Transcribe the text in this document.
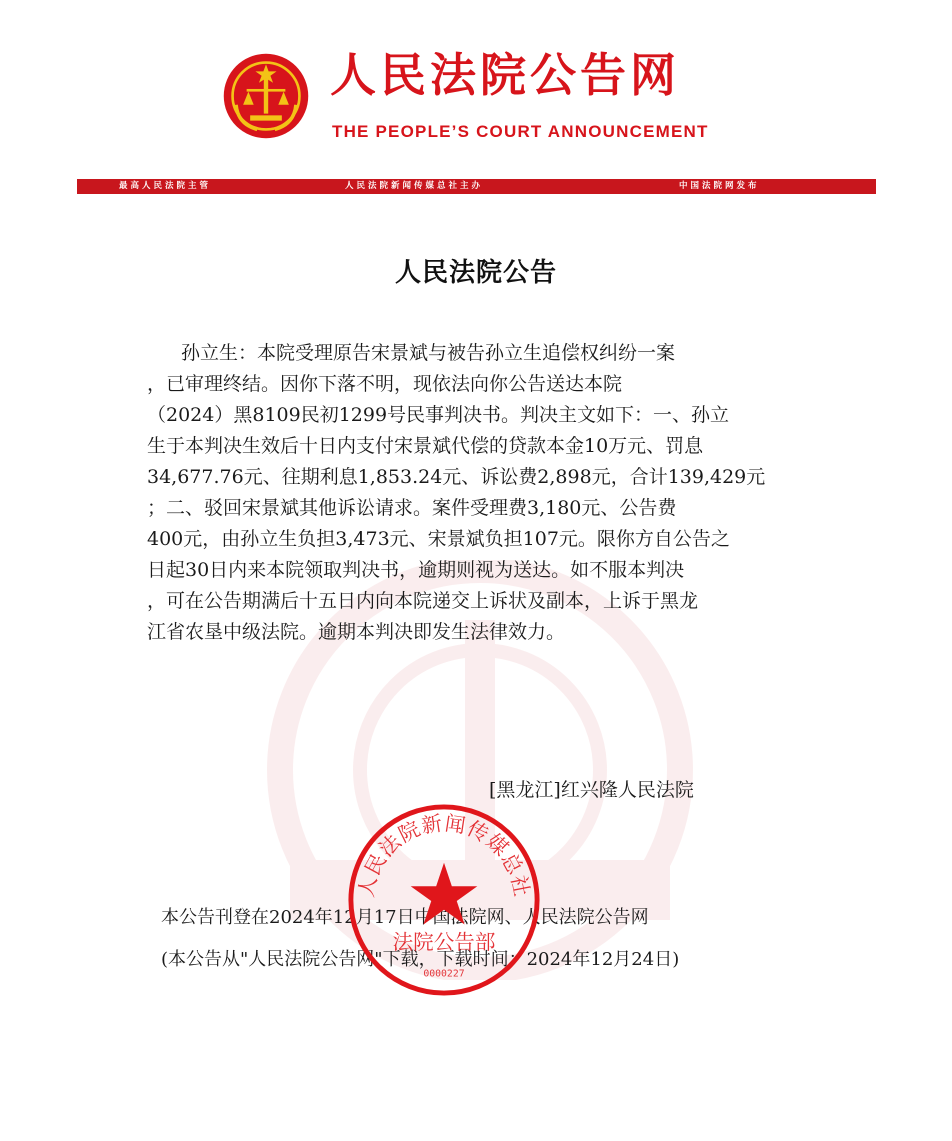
人民法院公告网
THE PEOPLE’S COURT ANNOUNCEMENT
最高人民法院主管	人民法院新闻传媒总社主办	中国法院网发布
人民法院公告
孙立生：本院受理原告宋景斌与被告孙立生追偿权纠纷一案
，已审理终结。因你下落不明，现依法向你公告送达本院
（2024）黑8109民初1299号民事判决书。判决主文如下：一、孙立
生于本判决生效后十日内支付宋景斌代偿的贷款本金10万元、罚息
34,677.76元、往期利息1,853.24元、诉讼费2,898元，合计139,429元
；二、驳回宋景斌其他诉讼请求。案件受理费3,180元、公告费
400元，由孙立生负担3,473元、宋景斌负担107元。限你方自公告之
日起30日内来本院领取判决书，逾期则视为送达。如不服本判决
，可在公告期满后十五日内向本院递交上诉状及副本，上诉于黑龙
江省农垦中级法院。逾期本判决即发生法律效力。
[黑龙江]红兴隆人民法院
本公告刊登在2024年12月17日中国法院网、人民法院公告网
(本公告从"人民法院公告网"下载，下载时间：2024年12月24日)
人民法院新闻传媒总社
法院公告部
0000227
